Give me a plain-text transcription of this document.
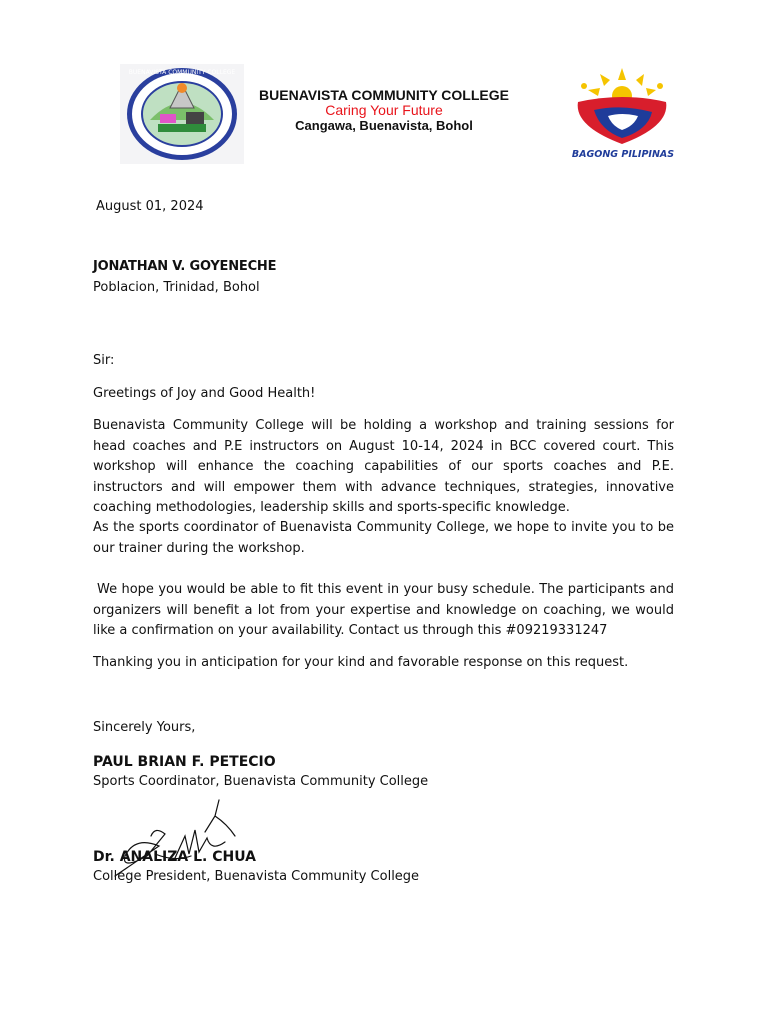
BUENAVISTA COMMUNITY COLLEGE
BUENAVISTA COMMUNITY COLLEGE
Caring Your Future
Cangawa, Buenavista, Bohol
BAGONG PILIPINAS
August 01, 2024
JONATHAN V. GOYENECHE
Poblacion, Trinidad, Bohol
Sir:
Greetings of Joy and Good Health!
Buenavista Community College will be holding a workshop and training sessions for head coaches and P.E instructors on August 10-14, 2024 in BCC covered court. This workshop will enhance the coaching capabilities of our sports coaches and P.E. instructors and will empower them with advance techniques, strategies, innovative coaching methodologies, leadership skills and sports-specific knowledge.
As the sports coordinator of Buenavista Community College, we hope to invite you to be our trainer during the workshop.
We hope you would be able to fit this event in your busy schedule. The participants and organizers will benefit a lot from your expertise and knowledge on coaching, we would like a confirmation on your availability. Contact us through this #09219331247
Thanking you in anticipation for your kind and favorable response on this request.
Sincerely Yours,
PAUL BRIAN F. PETECIO
Sports Coordinator, Buenavista Community College
Dr. ANALIZA L. CHUA
College President, Buenavista Community College
